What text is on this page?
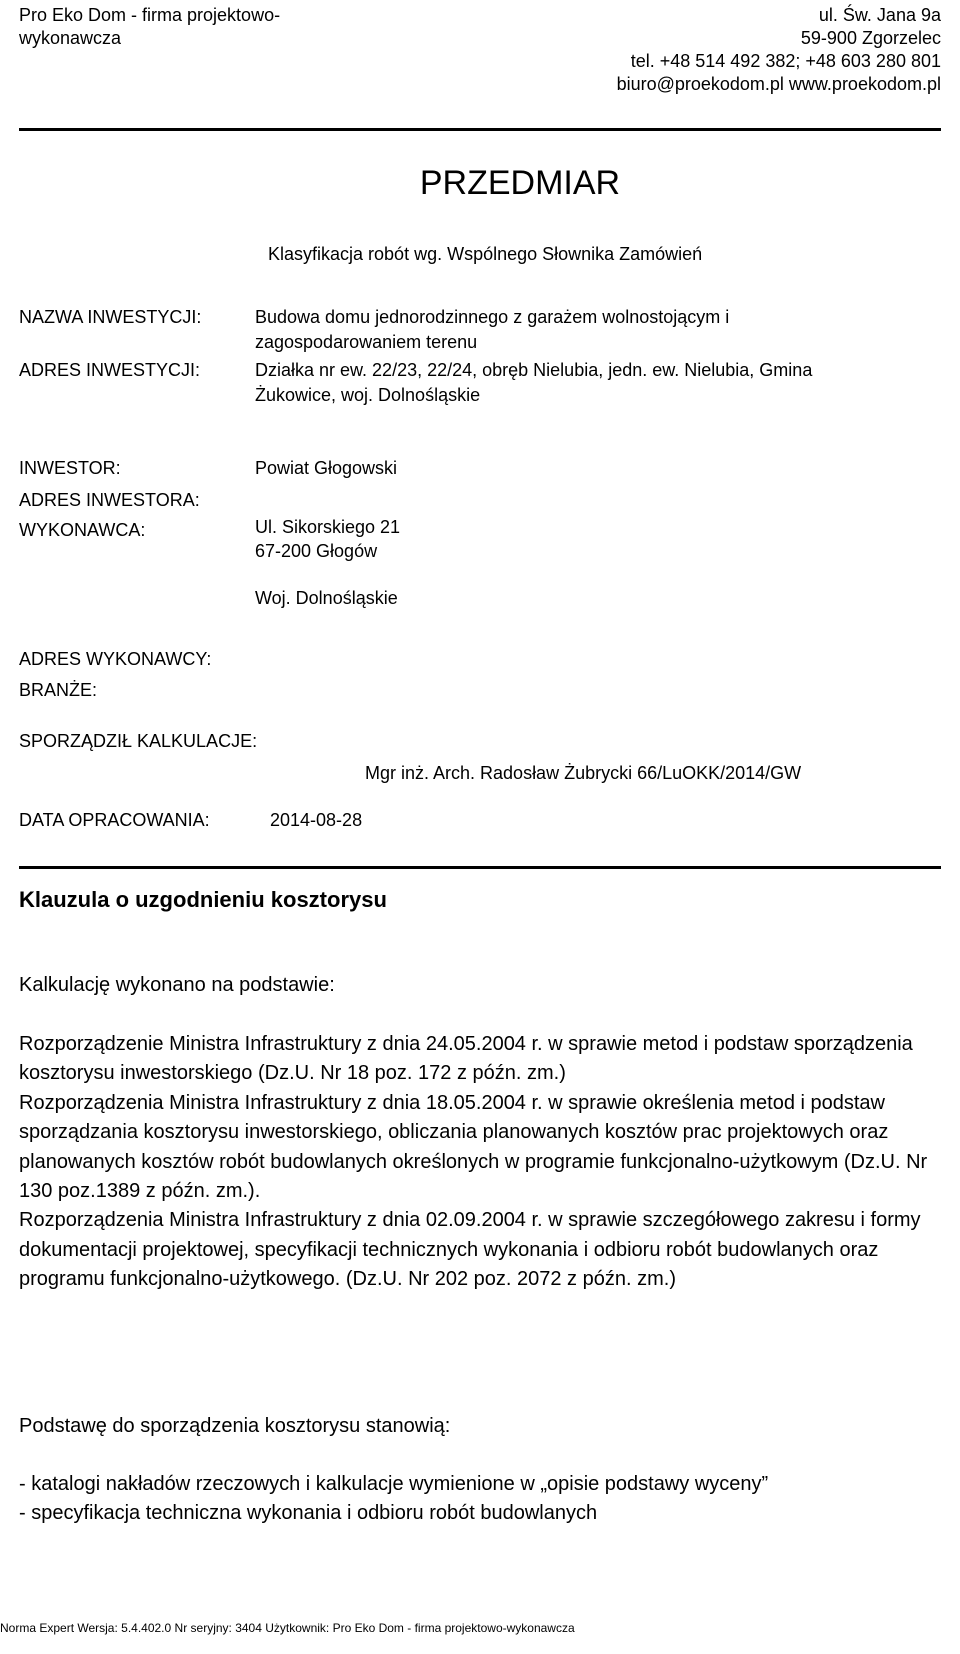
Pro Eko Dom - firma projektowo-
wykonawcza
ul. Św. Jana 9a
59-900 Zgorzelec
tel. +48 514 492 382; +48 603 280 801
biuro@proekodom.pl www.proekodom.pl
PRZEDMIAR
Klasyfikacja robót wg. Wspólnego Słownika Zamówień
NAZWA INWESTYCJI:	Budowa domu jednorodzinnego z garażem wolnostojącym i
zagospodarowaniem terenu
ADRES INWESTYCJI:	Działka nr ew. 22/23, 22/24, obręb Nielubia, jedn. ew. Nielubia, Gmina
Żukowice, woj. Dolnośląskie
INWESTOR:	Powiat Głogowski
ADRES INWESTORA:
WYKONAWCA:	Ul. Sikorskiego 21
67-200 Głogów
Woj. Dolnośląskie
ADRES WYKONAWCY:
BRANŻE:
SPORZĄDZIŁ KALKULACJE:
Mgr inż. Arch. Radosław Żubrycki 66/LuOKK/2014/GW
DATA OPRACOWANIA:	2014-08-28
Klauzula o uzgodnieniu kosztorysu
Kalkulację wykonano na podstawie:
Rozporządzenie Ministra Infrastruktury z dnia 24.05.2004 r. w sprawie metod i podstaw sporządzenia kosztorysu inwestorskiego (Dz.U. Nr 18 poz. 172 z późn. zm.)
Rozporządzenia Ministra Infrastruktury z dnia 18.05.2004 r. w sprawie określenia metod i podstaw sporządzania kosztorysu inwestorskiego, obliczania planowanych kosztów prac projektowych oraz planowanych kosztów robót budowlanych określonych w programie funkcjonalno-użytkowym (Dz.U. Nr 130 poz.1389 z późn. zm.).
Rozporządzenia Ministra Infrastruktury z dnia 02.09.2004 r. w sprawie szczegółowego zakresu i formy dokumentacji projektowej, specyfikacji technicznych wykonania i odbioru robót budowlanych oraz programu funkcjonalno-użytkowego. (Dz.U. Nr 202 poz. 2072 z późn. zm.)
Podstawę do sporządzenia kosztorysu stanowią:
- katalogi nakładów rzeczowych i kalkulacje wymienione w „opisie podstawy wyceny”
- specyfikacja techniczna wykonania i odbioru robót budowlanych
Norma Expert Wersja: 5.4.402.0 Nr seryjny: 3404 Użytkownik: Pro Eko Dom - firma projektowo-wykonawcza
